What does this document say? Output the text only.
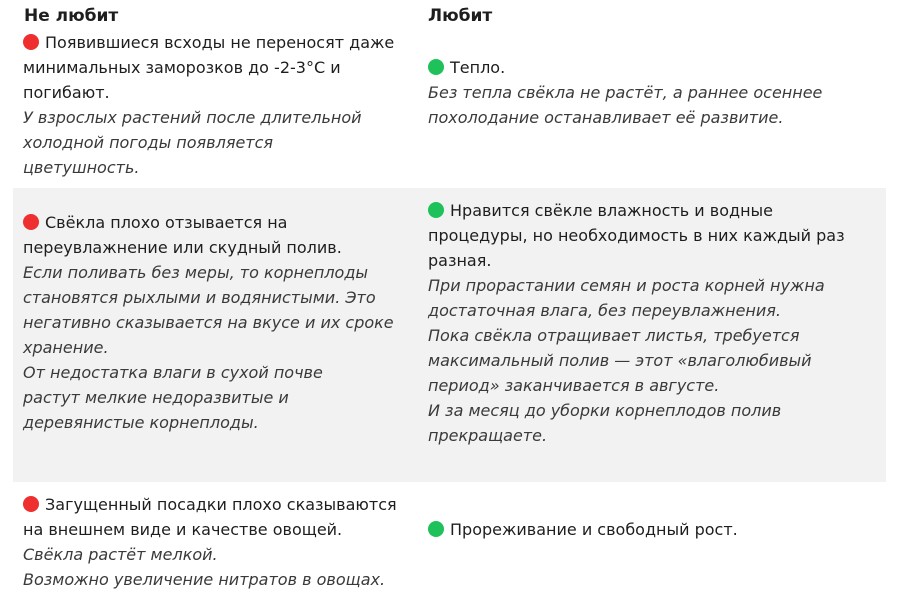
Не любит	Любит
Появившиеся всходы не переносят даже
минимальных заморозков до -2-3°С и
погибают.
У взрослых растений после длительной
холодной погоды появляется
цветушность.
Тепло.
Без тепла свёкла не растёт, а раннее осеннее
похолодание останавливает её развитие.
Свёкла плохо отзывается на
переувлажнение или скудный полив.
Если поливать без меры, то корнеплоды
становятся рыхлыми и водянистыми. Это
негативно сказывается на вкусе и их сроке
хранение.
От недостатка влаги в сухой почве
растут мелкие недоразвитые и
деревянистые корнеплоды.
Нравится свёкле влажность и водные
процедуры, но необходимость в них каждый раз
разная.
При прорастании семян и роста корней нужна
достаточная влага, без переувлажнения.
Пока свёкла отращивает листья, требуется
максимальный полив — этот «влаголюбивый
период» заканчивается в августе.
И за месяц до уборки корнеплодов полив
прекращаете.
Загущенный посадки плохо сказываются
на внешнем виде и качестве овощей.
Свёкла растёт мелкой.
Возможно увеличение нитратов в овощах.
Прореживание и свободный рост.
